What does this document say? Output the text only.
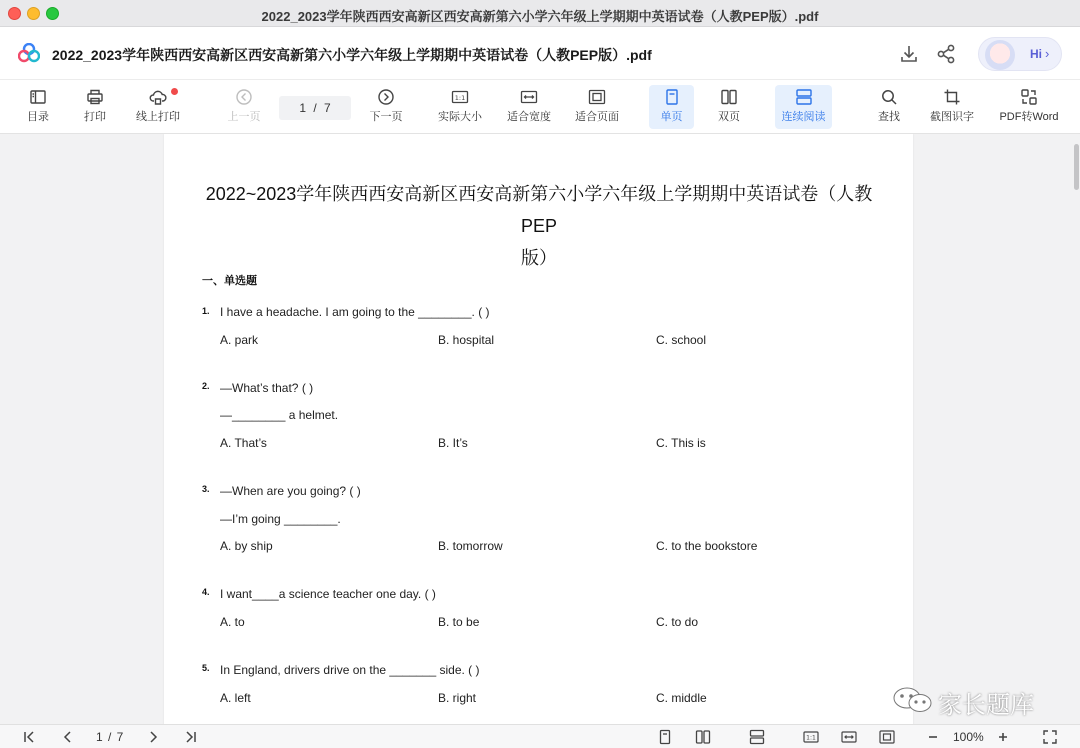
2022_2023学年陕西西安高新区西安高新第六小学六年级上学期期中英语试卷（人教PEP版）.pdf
2022_2023学年陕西西安高新区西安高新第六小学六年级上学期期中英语试卷（人教PEP版）.pdf	Hi ›
目录	打印	线上打印	上一页
1 / 7
下一页
1:1
实际大小	适合宽度	适合页面	单页	双页	连续阅读	查找	截图识字	PDF转Word
2022~2023学年陕西西安高新区西安高新第六小学六年级上学期期中英语试卷（人教PEP
版）
一、单选题
1. I have a headache. I am going to the ________. ( )
A. park	B. hospital	C. school
2. —What’s that? ( )
—________ a helmet.
A. That’s	B. It’s	C. This is
3. —When are you going? ( )
—I’m going ________.
A. by ship	B. tomorrow	C. to the bookstore
4. I want____a science teacher one day. ( )
A. to	B. to be	C. to do
5. In England, drivers drive on the _______ side. ( )
A. left	B. right	C. middle	家长题库
1 / 7	1:1	100%
